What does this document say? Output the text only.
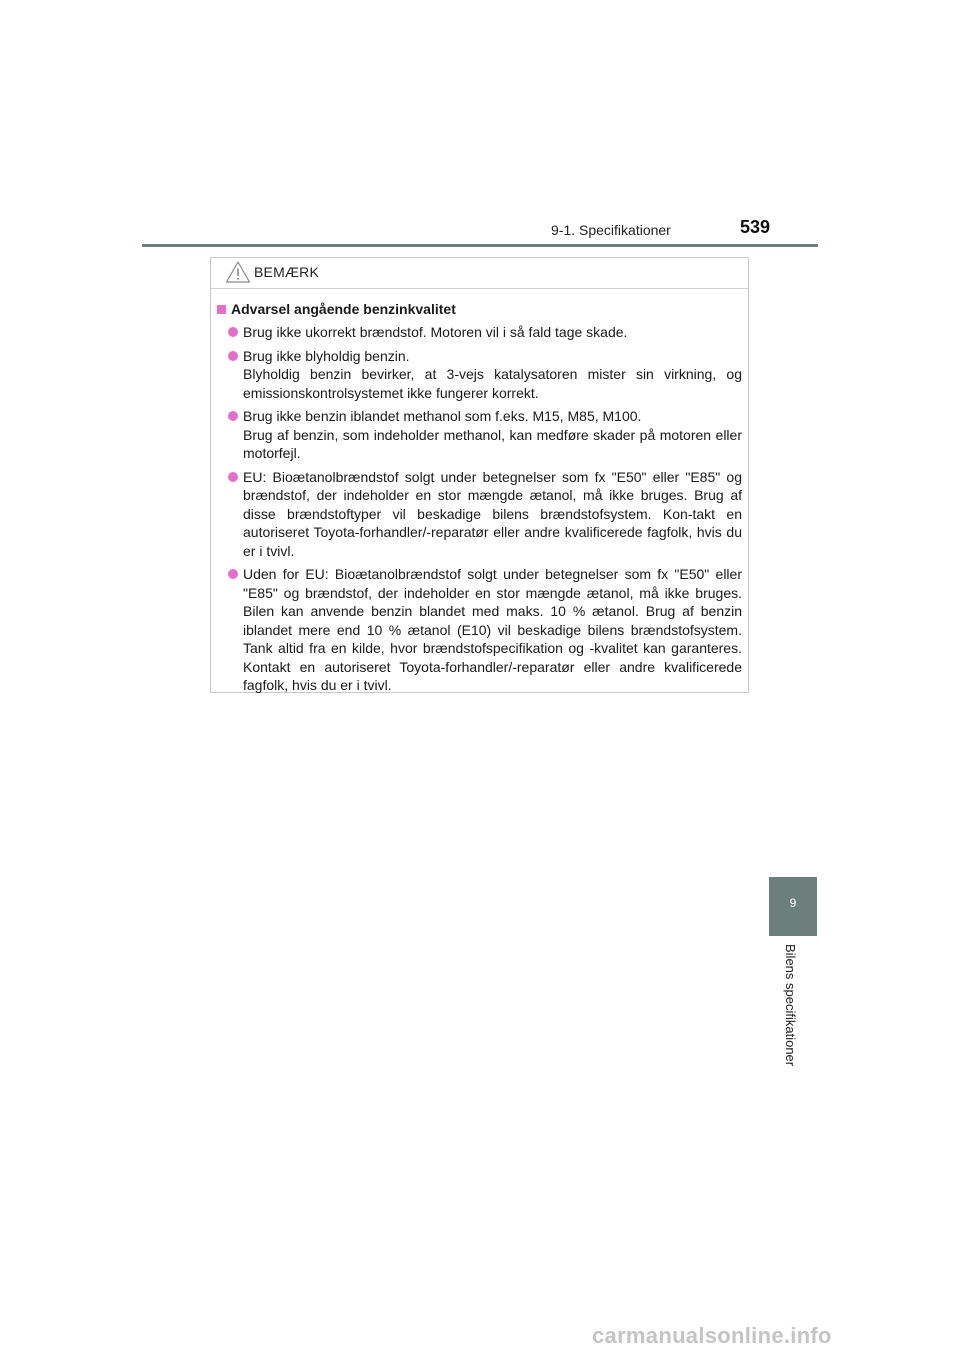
9-1. Specifikationer	539
BEMÆRK
Advarsel angående benzinkvalitet

Brug ikke ukorrekt brændstof. Motoren vil i så fald tage skade.

Brug ikke blyholdig benzin.

Blyholdig benzin bevirker, at 3-vejs katalysatoren mister sin virkning, og emissionskontrolsystemet ikke fungerer korrekt.

Brug ikke benzin iblandet methanol som f.eks. M15, M85, M100.

Brug af benzin, som indeholder methanol, kan medføre skader på motoren eller motorfejl.

EU: Bioætanolbrændstof solgt under betegnelser som fx "E50" eller "E85" og brændstof, der indeholder en stor mængde ætanol, må ikke bruges. Brug af disse brændstoftyper vil beskadige bilens brændstofsystem. Kon-takt en autoriseret Toyota-forhandler/-reparatør eller andre kvalificerede fagfolk, hvis du er i tvivl.

Uden for EU: Bioætanolbrændstof solgt under betegnelser som fx "E50" eller "E85" og brændstof, der indeholder en stor mængde ætanol, må ikke bruges. Bilen kan anvende benzin blandet med maks. 10 % ætanol. Brug af benzin iblandet mere end 10 % ætanol (E10) vil beskadige bilens brændstofsystem. Tank altid fra en kilde, hvor brændstofspecifikation og -kvalitet kan garanteres. Kontakt en autoriseret Toyota-forhandler/-reparatør eller andre kvalificerede fagfolk, hvis du er i tvivl.

9
Bilens specifikationer
carmanualsonline.info
